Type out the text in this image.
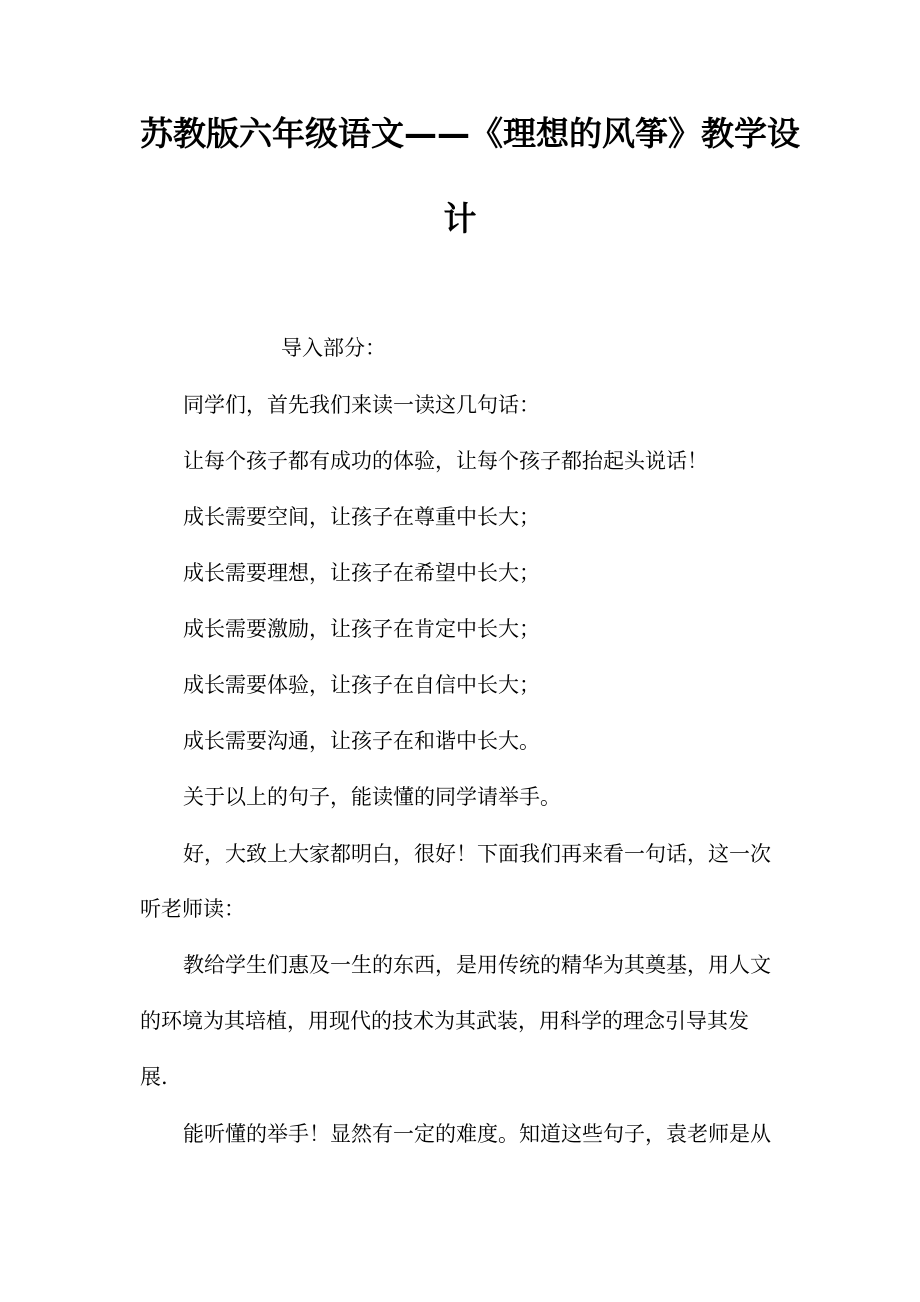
苏教版六年级语文——《理想的风筝》教学设
计

导入部分：

同学们，首先我们来读一读这几句话：

让每个孩子都有成功的体验，让每个孩子都抬起头说话！

成长需要空间，让孩子在尊重中长大；

成长需要理想，让孩子在希望中长大；

成长需要激励，让孩子在肯定中长大；

成长需要体验，让孩子在自信中长大；

成长需要沟通，让孩子在和谐中长大。

关于以上的句子，能读懂的同学请举手。

好，大致上大家都明白，很好！下面我们再来看一句话，这一次

听老师读：

教给学生们惠及一生的东西，是用传统的精华为其奠基，用人文

的环境为其培植，用现代的技术为其武装，用科学的理念引导其发

展.

能听懂的举手！显然有一定的难度。知道这些句子，袁老师是从
